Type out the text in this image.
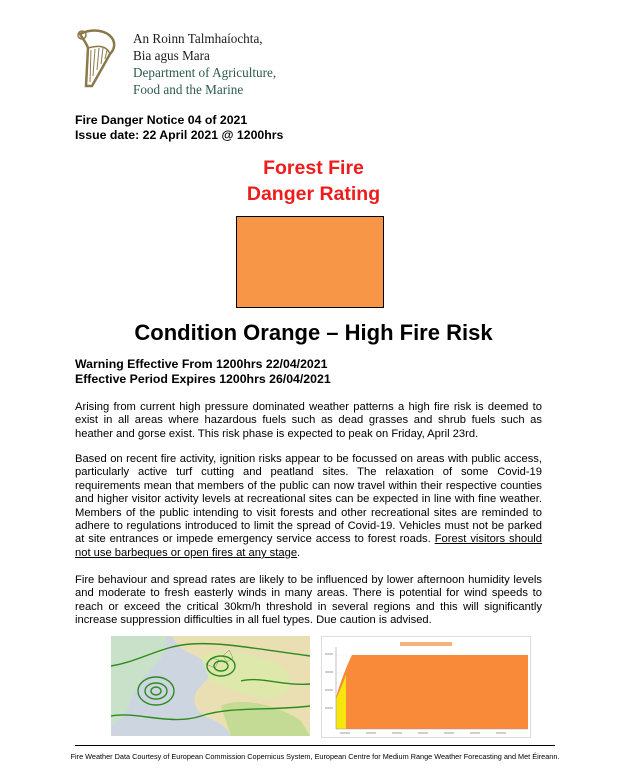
An Roinn Talmhaíochta,
Bia agus Mara
Department of Agriculture,
Food and the Marine
Fire Danger Notice 04 of 2021
Issue date: 22 April 2021 @ 1200hrs
Forest Fire
Danger Rating
Condition Orange – High Fire Risk
Warning Effective From 1200hrs 22/04/2021
Effective Period Expires 1200hrs 26/04/2021

Arising from current high pressure dominated weather patterns a high fire risk is deemed to exist in all areas where hazardous fuels such as dead grasses and shrub fuels such as heather and gorse exist. This risk phase is expected to peak on Friday, April 23rd.

Based on recent fire activity, ignition risks appear to be focussed on areas with public access, particularly active turf cutting and peatland sites. The relaxation of some Covid-19 requirements mean that members of the public can now travel within their respective counties and higher visitor activity levels at recreational sites can be expected in line with fine weather. Members of the public intending to visit forests and other recreational sites are reminded to adhere to regulations introduced to limit the spread of Covid-19. Vehicles must not be parked at site entrances or impede emergency service access to forest roads. Forest visitors should not use barbeques or open fires at any stage.

Fire behaviour and spread rates are likely to be influenced by lower afternoon humidity levels and moderate to fresh easterly winds in many areas. There is potential for wind speeds to reach or exceed the critical 30km/h threshold in several regions and this will significantly increase suppression difficulties in all fuel types. Due caution is advised.

Fire Weather Data Courtesy of European Commission Copernicus System, European Centre for Medium Range Weather Forecasting and Met Éireann.
